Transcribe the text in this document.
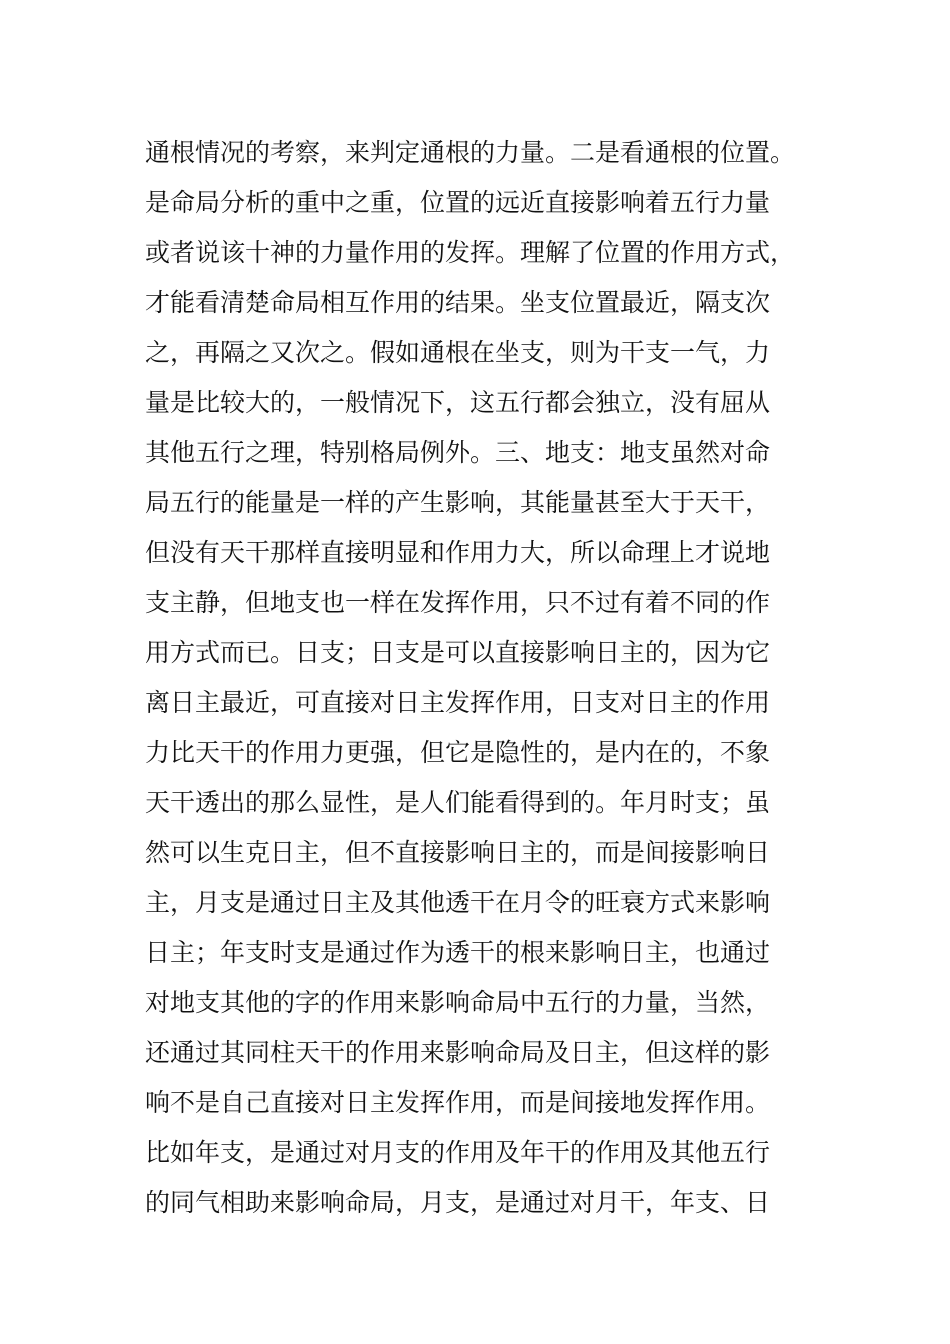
通根情况的考察，来判定通根的力量。二是看通根的位置。
是命局分析的重中之重，位置的远近直接影响着五行力量
或者说该十神的力量作用的发挥。理解了位置的作用方式，
才能看清楚命局相互作用的结果。坐支位置最近，隔支次
之，再隔之又次之。假如通根在坐支，则为干支一气，力
量是比较大的，一般情况下，这五行都会独立，没有屈从
其他五行之理，特别格局例外。三、地支：地支虽然对命
局五行的能量是一样的产生影响，其能量甚至大于天干，
但没有天干那样直接明显和作用力大，所以命理上才说地
支主静，但地支也一样在发挥作用，只不过有着不同的作
用方式而已。日支；日支是可以直接影响日主的，因为它
离日主最近，可直接对日主发挥作用，日支对日主的作用
力比天干的作用力更强，但它是隐性的，是内在的，不象
天干透出的那么显性，是人们能看得到的。年月时支；虽
然可以生克日主，但不直接影响日主的，而是间接影响日
主，月支是通过日主及其他透干在月令的旺衰方式来影响
日主；年支时支是通过作为透干的根来影响日主，也通过
对地支其他的字的作用来影响命局中五行的力量，当然，
还通过其同柱天干的作用来影响命局及日主，但这样的影
响不是自己直接对日主发挥作用，而是间接地发挥作用。
比如年支，是通过对月支的作用及年干的作用及其他五行
的同气相助来影响命局，月支，是通过对月干，年支、日
